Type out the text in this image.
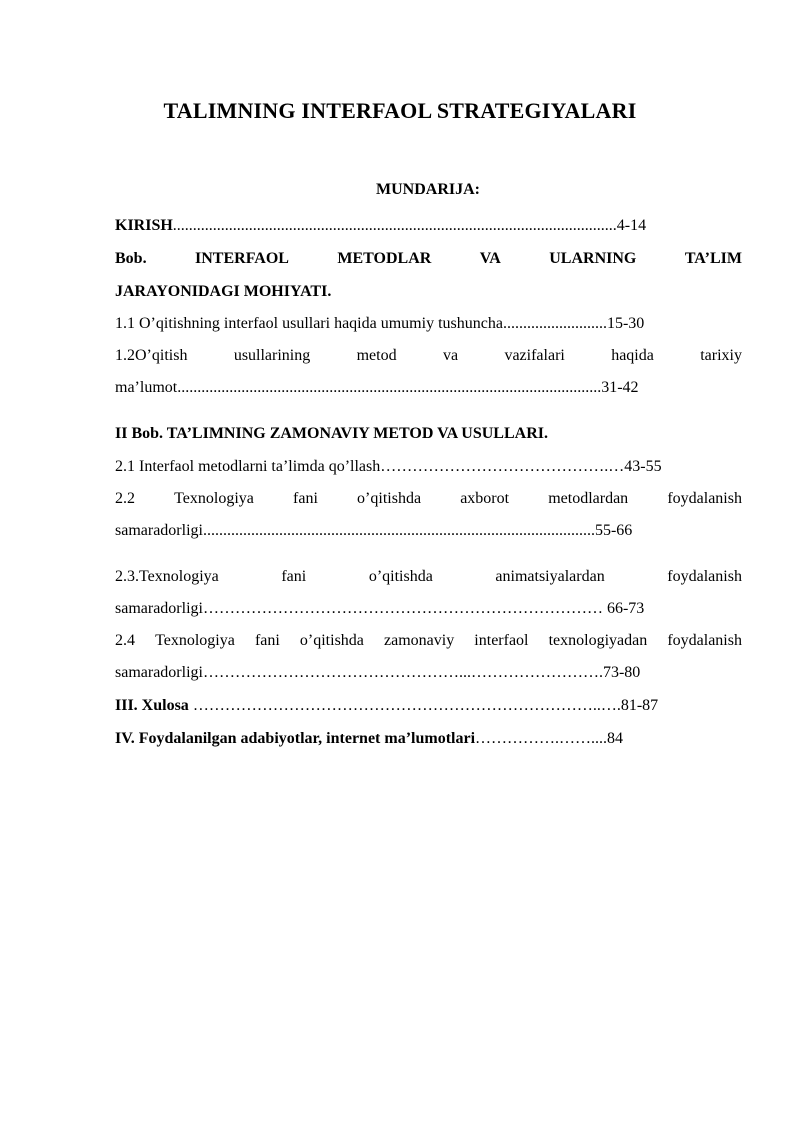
TALIMNING INTERFAOL STRATEGIYALARI
MUNDARIJA:
KIRISH...............................................................................................................4-14
Bob.	INTERFAOL	METODLAR	VA	ULARNING	TA’LIM
JARAYONIDAGI MOHIYATI.
1.1 O’qitishning interfaol usullari haqida umumiy tushuncha..........................15-30
1.2O’qitish	usullarining	metod	va	vazifalari	haqida	tarixiy
ma’lumot..........................................................................................................31-42
II Bob. TA’LIMNING ZAMONAVIY METOD VA USULLARI.
2.1 Interfaol metodlarni ta’limda qo’llash…………………………………….…43-55
2.2 Texnologiya fani o’qitishda axborot metodlardan foydalanish
samaradorligi..................................................................................................55-66
2.3.Texnologiya	fani	o’qitishda	animatsiyalardan	foydalanish
samaradorligi………………………………………………………………… 66-73
2.4 Texnologiya fani o’qitishda zamonaviy interfaol texnologiyadan foydalanish
samaradorligi…………………………………………...…………………….73-80
III. Xulosa …………………………………………………………………..….81-87
IV. Foydalanilgan adabiyotlar, internet ma’lumotlari…………….……....84
